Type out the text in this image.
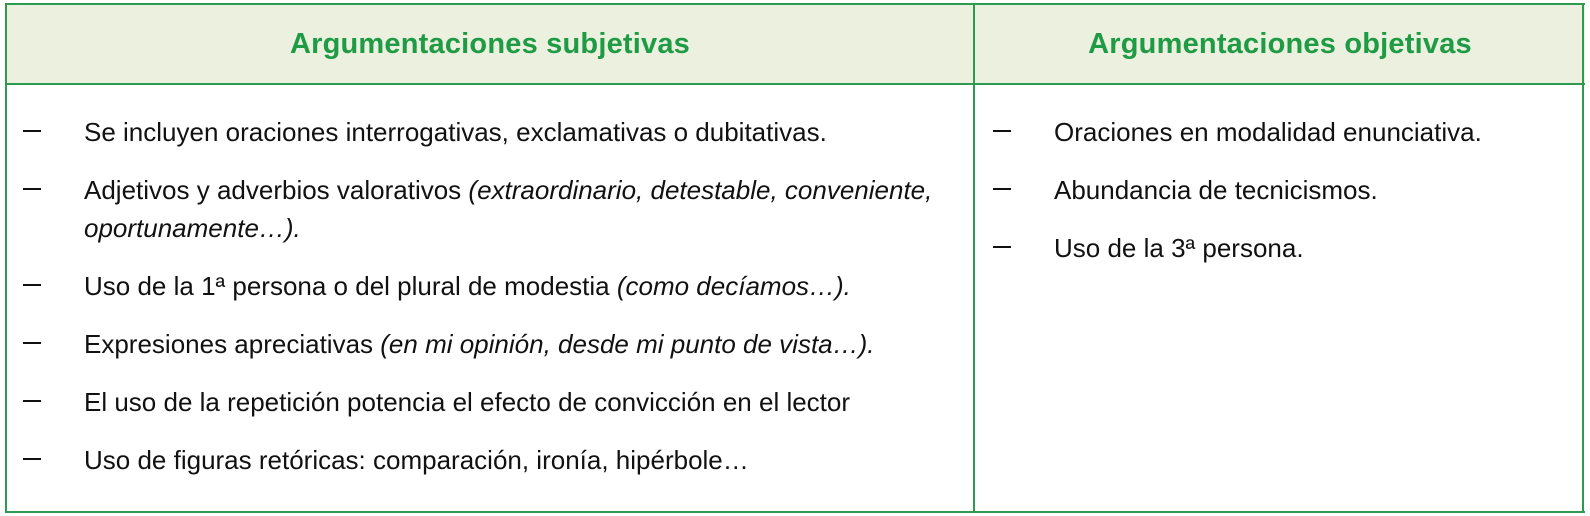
Argumentaciones subjetivas	Argumentaciones objetivas
Se incluyen oraciones interrogativas, exclamativas o dubitativas.
Adjetivos y adverbios valorativos (extraordinario, detestable, conveniente, oportunamente…).
Uso de la 1ª persona o del plural de modestia (como decíamos…).
Expresiones apreciativas (en mi opinión, desde mi punto de vista…).
El uso de la repetición potencia el efecto de convicción en el lector
Uso de figuras retóricas: comparación, ironía, hipérbole…
Oraciones en modalidad enunciativa.
Abundancia de tecnicismos.
Uso de la 3ª persona.
